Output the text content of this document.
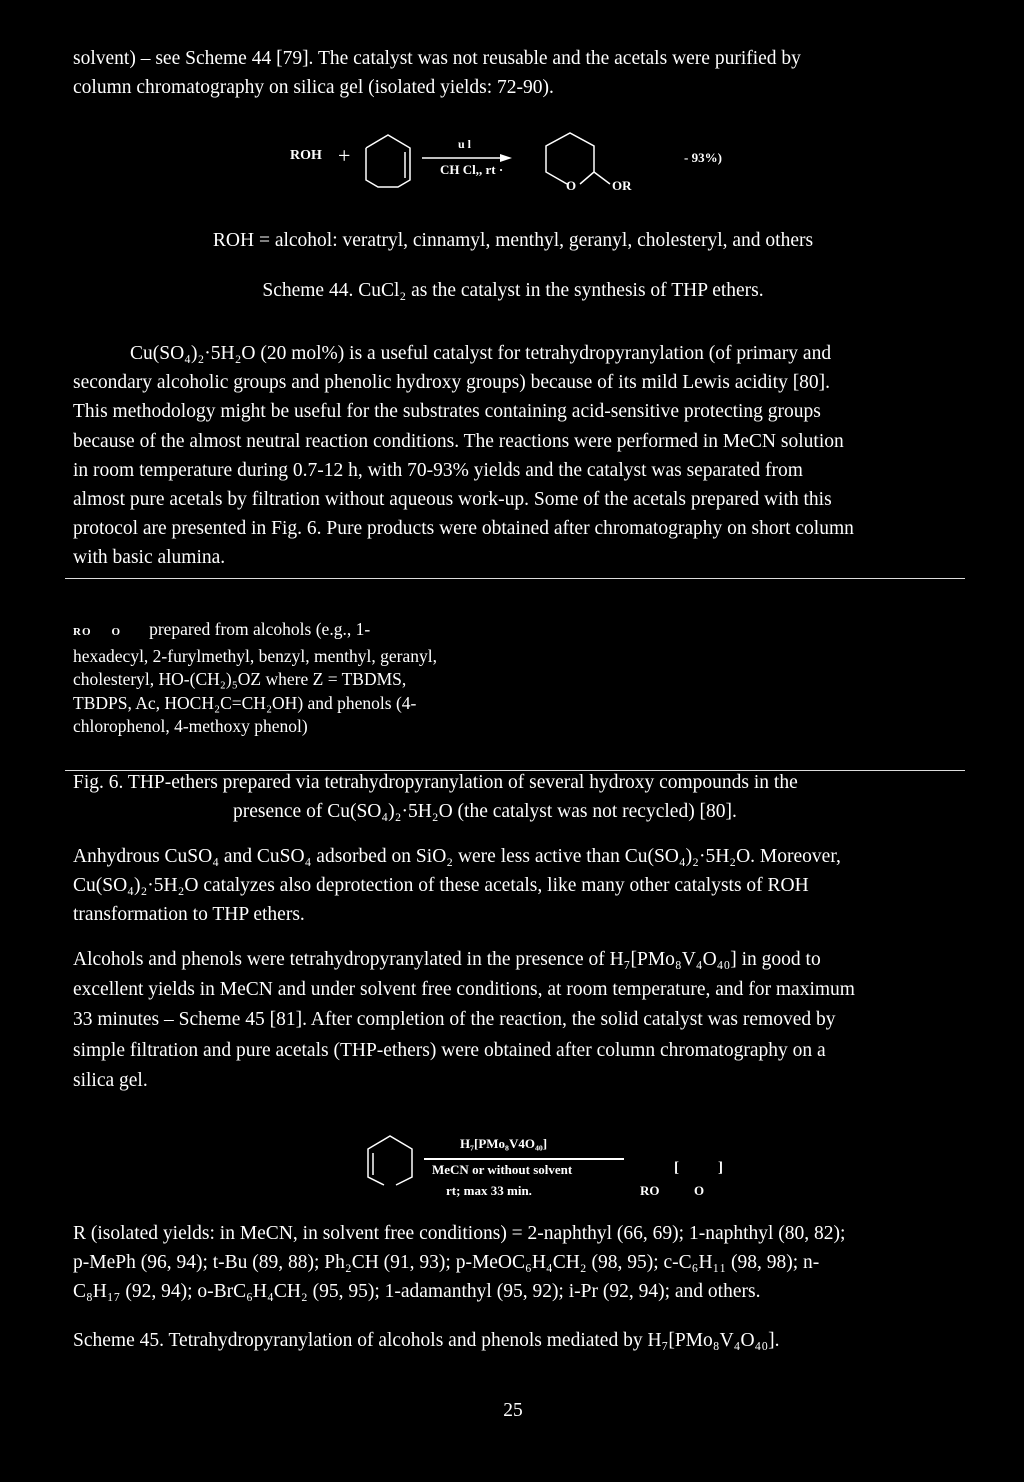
solvent) – see Scheme 44 [79]. The catalyst was not reusable and the acetals were purified by

column chromatography on silica gel (isolated yields: 72-90).

ROH +	u l
CH Cl,, rt ·
O	OR
- 93%)

ROH = alcohol: veratryl, cinnamyl, menthyl, geranyl, cholesteryl, and others

Scheme 44. CuCl₂ as the catalyst in the synthesis of THP ethers.

Cu(SO₄)₂·5H₂O (20 mol%) is a useful catalyst for tetrahydropyranylation (of primary and

secondary alcoholic groups and phenolic hydroxy groups) because of its mild Lewis acidity [80].

This methodology might be useful for the substrates containing acid-sensitive protecting groups

because of the almost neutral reaction conditions. The reactions were performed in MeCN solution

in room temperature during 0.7-12 h, with 70-93% yields and the catalyst was separated from

almost pure acetals by filtration without aqueous work-up. Some of the acetals prepared with this

protocol are presented in Fig. 6. Pure products were obtained after chromatography on short column

with basic alumina.

RO O prepared from alcohols (e.g., 1-

hexadecyl, 2-furylmethyl, benzyl, menthyl, geranyl,

cholesteryl, HO-(CH₂)₅OZ where Z = TBDMS,

TBDPS, Ac, HOCH₂C=CH₂OH) and phenols (4-

chlorophenol, 4-methoxy phenol)

Fig. 6. THP-ethers prepared via tetrahydropyranylation of several hydroxy compounds in the

presence of Cu(SO₄)₂·5H₂O (the catalyst was not recycled) [80].

Anhydrous CuSO₄ and CuSO₄ adsorbed on SiO₂ were less active than Cu(SO₄)₂·5H₂O. Moreover,

Cu(SO₄)₂·5H₂O catalyzes also deprotection of these acetals, like many other catalysts of ROH

transformation to THP ethers.

Alcohols and phenols were tetrahydropyranylated in the presence of H₇[PMo₈V₄O₄₀] in good to

excellent yields in MeCN and under solvent free conditions, at room temperature, and for maximum

33 minutes – Scheme 45 [81]. After completion of the reaction, the solid catalyst was removed by

simple filtration and pure acetals (THP-ethers) were obtained after column chromatography on a

silica gel.

H₇[PMo₈V4O₄₀]
MeCN or without solvent
rt; max 33 min.
[	]
RO	O

R (isolated yields: in MeCN, in solvent free conditions) = 2-naphthyl (66, 69); 1-naphthyl (80, 82);

p-MePh (96, 94); t-Bu (89, 88); Ph₂CH (91, 93); p-MeOC₆H₄CH₂ (98, 95); c-C₆H₁₁ (98, 98); n-

C₈H₁₇ (92, 94); o-BrC₆H₄CH₂ (95, 95); 1-adamanthyl (95, 92); i-Pr (92, 94); and others.

Scheme 45. Tetrahydropyranylation of alcohols and phenols mediated by H₇[PMo₈V₄O₄₀].

25
